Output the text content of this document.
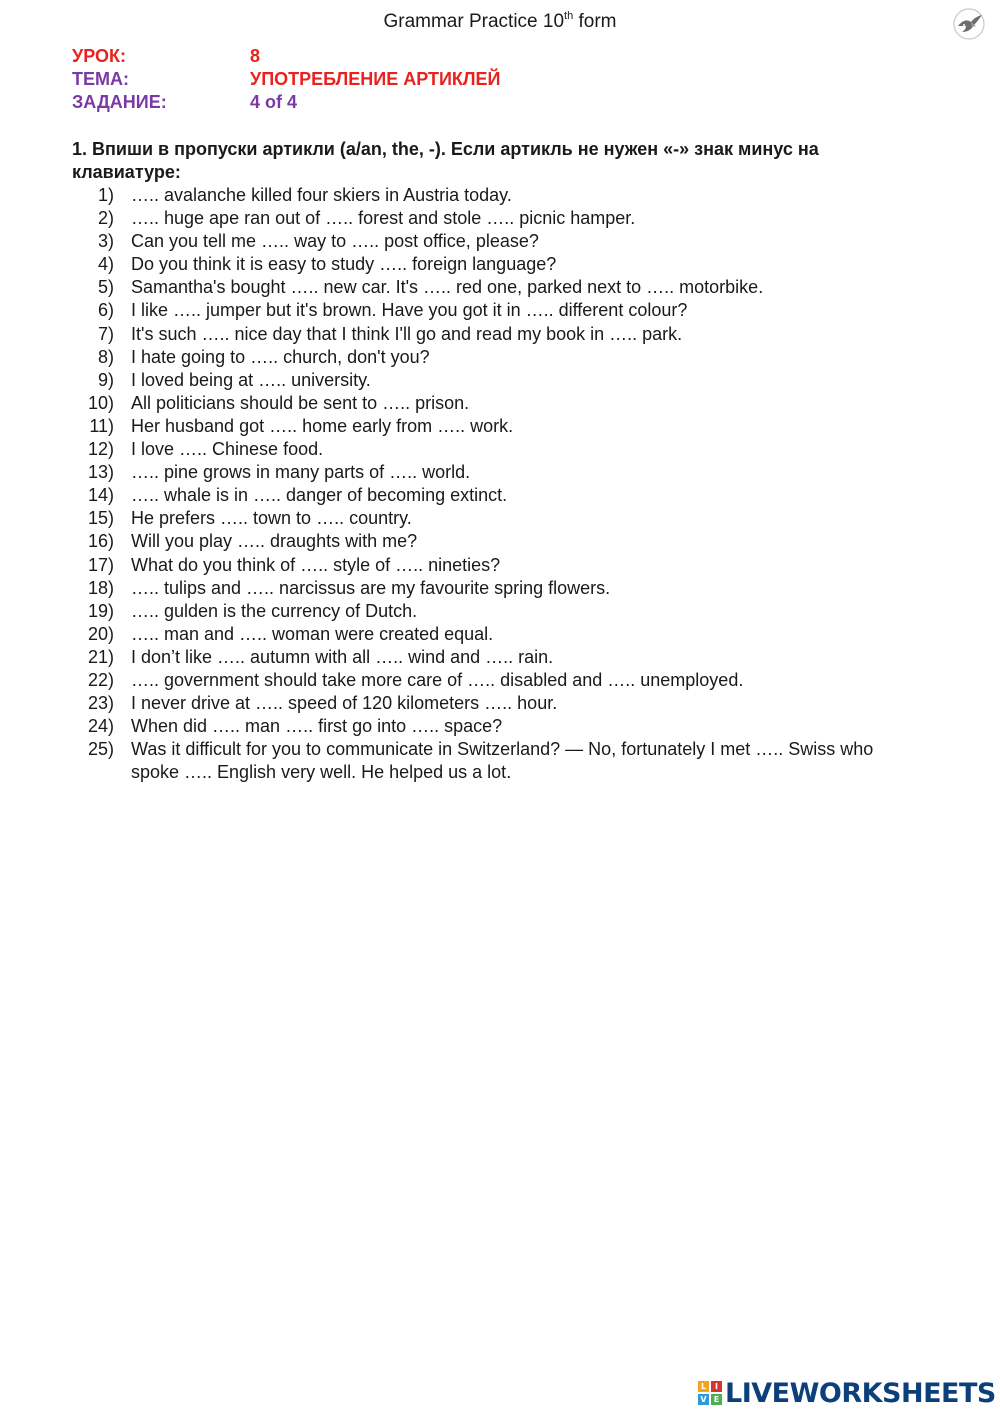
Grammar Practice 10th form
УРОК:	8
ТЕМА:	УПОТРЕБЛЕНИЕ АРТИКЛЕЙ
ЗАДАНИЕ:	4 of 4
1. Впиши в пропуски артикли (a/an, the, -). Если артикль не нужен «-» знак минус на клавиатуре:
1) ….. avalanche killed four skiers in Austria today.
2) ….. huge ape ran out of ….. forest and stole ….. picnic hamper.
3) Can you tell me ….. way to ….. post office, please?
4) Do you think it is easy to study ….. foreign language?
5) Samantha's bought ….. new car. It's ….. red one, parked next to ….. motorbike.
6) I like ….. jumper but it's brown. Have you got it in ….. different colour?
7) It's such ….. nice day that I think I'll go and read my book in ….. park.
8) I hate going to ….. church, don't you?
9) I loved being at ….. university.
10) All politicians should be sent to ….. prison.
11) Her husband got ….. home early from ….. work.
12) I love ….. Chinese food.
13) ….. pine grows in many parts of ….. world.
14) ….. whale is in ….. danger of becoming extinct.
15) He prefers ….. town to ….. country.
16) Will you play ….. draughts with me?
17) What do you think of ….. style of ….. nineties?
18) ….. tulips and ….. narcissus are my favourite spring flowers.
19) ….. gulden is the currency of Dutch.
20) ….. man and ….. woman were created equal.
21) I don’t like ….. autumn with all ….. wind and ….. rain.
22) ….. government should take more care of ….. disabled and ….. unemployed.
23) I never drive at ….. speed of 120 kilometers ….. hour.
24) When did ….. man ….. first go into ….. space?
25) Was it difficult for you to communicate in Switzerland? — No, fortunately I met ….. Swiss who spoke ….. English very well. He helped us a lot.
L	I
V E LIVEWORKSHEETS
